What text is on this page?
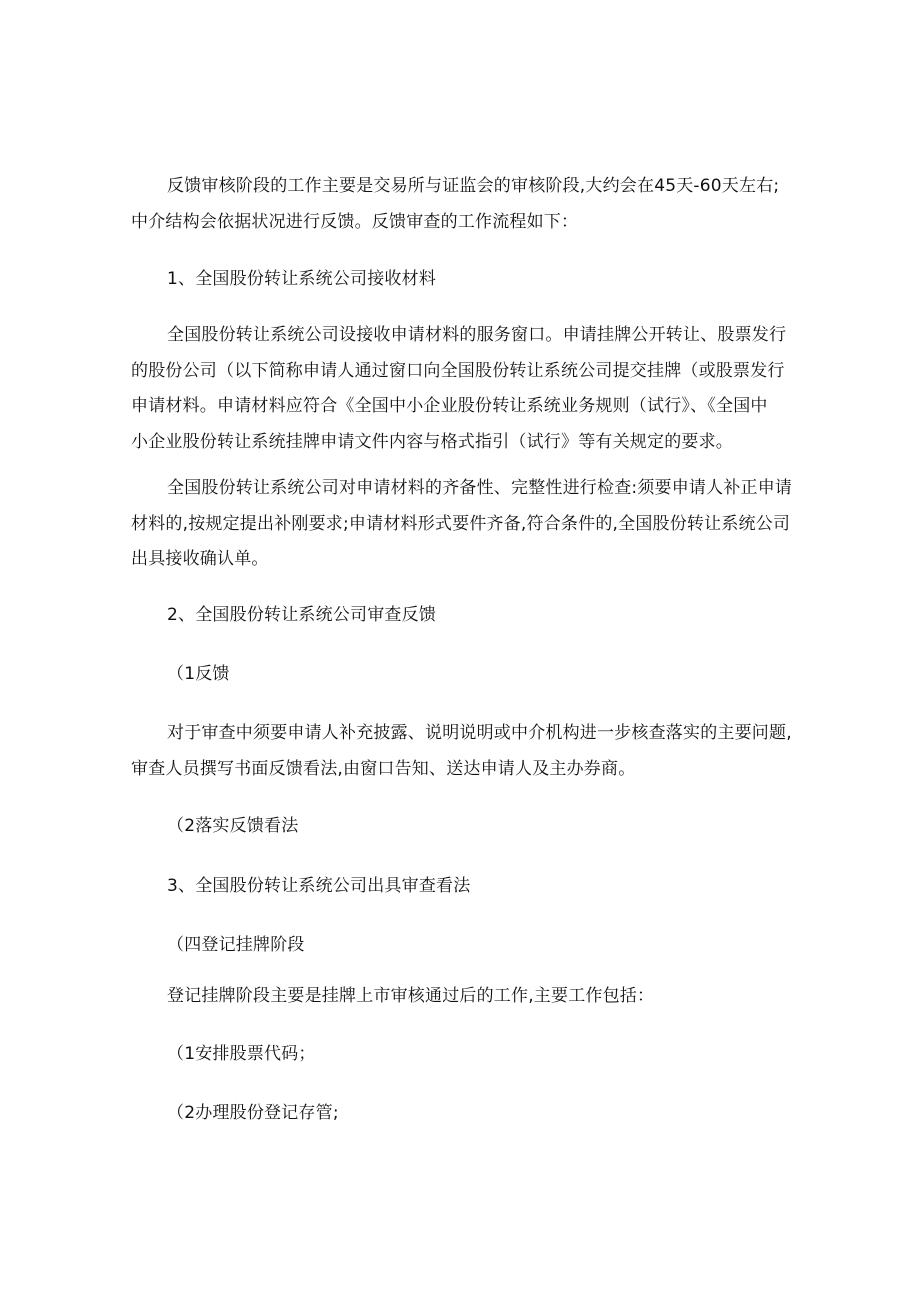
反馈审核阶段的工作主要是交易所与证监会的审核阶段,大约会在45天-60天左右;
中介结构会依据状况进行反馈。反馈审查的工作流程如下：
1、全国股份转让系统公司接收材料
全国股份转让系统公司设接收申请材料的服务窗口。申请挂牌公开转让、股票发行
的股份公司（以下简称申请人通过窗口向全国股份转让系统公司提交挂牌（或股票发行
申请材料。申请材料应符合《全国中小企业股份转让系统业务规则（试行》、《全国中
小企业股份转让系统挂牌申请文件内容与格式指引（试行》等有关规定的要求。
全国股份转让系统公司对申请材料的齐备性、完整性进行检查:须要申请人补正申请
材料的,按规定提出补刚要求;申请材料形式要件齐备,符合条件的,全国股份转让系统公司
出具接收确认单。
2、全国股份转让系统公司审查反馈
（1反馈
对于审查中须要申请人补充披露、说明说明或中介机构进一步核查落实的主要问题,
审查人员撰写书面反馈看法,由窗口告知、送达申请人及主办券商。
（2落实反馈看法
3、全国股份转让系统公司出具审查看法
（四登记挂牌阶段
登记挂牌阶段主要是挂牌上市审核通过后的工作,主要工作包括：
（1安排股票代码；
（2办理股份登记存管;
